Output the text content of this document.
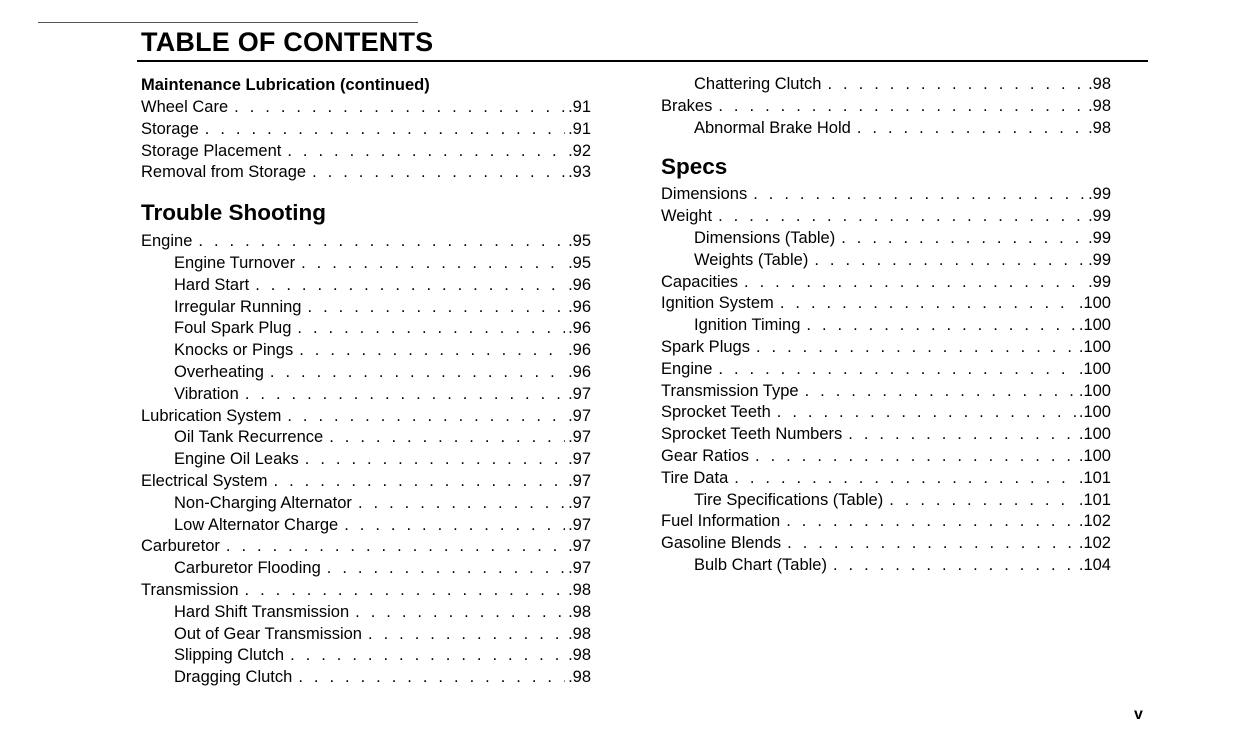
TABLE OF CONTENTS
Maintenance Lubrication (continued)
Wheel Care . . .	.91
Storage . . .	.91
Storage Placement . . .	.92
Removal from Storage . . .	.93
Trouble Shooting
Engine . . .	.95
Engine Turnover . . .	.95
Hard Start . . .	.96
Irregular Running . . .	.96
Foul Spark Plug . . .	.96
Knocks or Pings . . .	.96
Overheating . . .	.96
Vibration . . .	.97
Lubrication System . . .	.97
Oil Tank Recurrence . . .	.97
Engine Oil Leaks . . .	.97
Electrical System . . .	.97
Non-Charging Alternator . . .	.97
Low Alternator Charge . . .	.97
Carburetor . . .	.97
Carburetor Flooding . . .	.97
Transmission . . .	.98
Hard Shift Transmission . . .	.98
Out of Gear Transmission . . .	.98
Slipping Clutch . . .	.98
Dragging Clutch . . .	.98
Chattering Clutch . . .	.98
Brakes . . .	.98
Abnormal Brake Hold . . .	.98
Specs
Dimensions . . .	.99
Weight . . .	.99
Dimensions (Table) . . .	.99
Weights (Table) . . .	.99
Capacities . . .	.99
Ignition System . . .	.100
Ignition Timing . . .	.100
Spark Plugs . . .	.100
Engine . . .	.100
Transmission Type . . .	.100
Sprocket Teeth . . .	.100
Sprocket Teeth Numbers . . .	.100
Gear Ratios . . .	.100
Tire Data . . .	.101
Tire Specifications (Table) . . .	.101
Fuel Information . . .	.102
Gasoline Blends . . .	.102
Bulb Chart (Table) . . .	.104
v
